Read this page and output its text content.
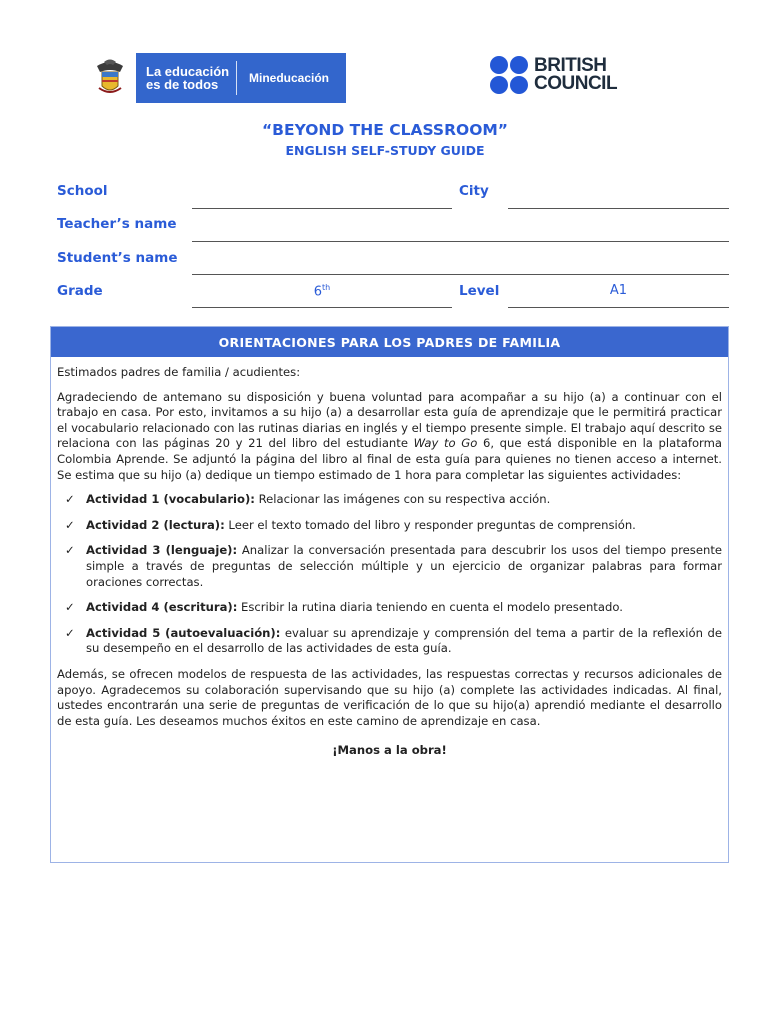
La educación
es de todos	Mineducación
BRITISH
COUNCIL
“BEYOND THE CLASSROOM”
ENGLISH SELF-STUDY GUIDE
School	City
Teacher’s name
Student’s name
Grade	6th	Level	A1
ORIENTACIONES PARA LOS PADRES DE FAMILIA

Estimados padres de familia / acudientes:

Agradeciendo de antemano su disposición y buena voluntad para acompañar a su hijo (a) a continuar con el trabajo en casa. Por esto, invitamos a su hijo (a) a desarrollar esta guía de aprendizaje que le permitirá practicar el vocabulario relacionado con las rutinas diarias en inglés y el tiempo presente simple. El trabajo aquí descrito se relaciona con las páginas 20 y 21 del libro del estudiante Way to Go 6, que está disponible en la plataforma Colombia Aprende. Se adjuntó la página del libro al final de esta guía para quienes no tienen acceso a internet. Se estima que su hijo (a) dedique un tiempo estimado de 1 hora para completar las siguientes actividades:

✓ Actividad 1 (vocabulario): Relacionar las imágenes con su respectiva acción.
✓ Actividad 2 (lectura): Leer el texto tomado del libro y responder preguntas de comprensión.
✓ Actividad 3 (lenguaje): Analizar la conversación presentada para descubrir los usos del tiempo presente simple a través de preguntas de selección múltiple y un ejercicio de organizar palabras para formar oraciones correctas.
✓ Actividad 4 (escritura): Escribir la rutina diaria teniendo en cuenta el modelo presentado.
✓ Actividad 5 (autoevaluación): evaluar su aprendizaje y comprensión del tema a partir de la reflexión de su desempeño en el desarrollo de las actividades de esta guía.

Además, se ofrecen modelos de respuesta de las actividades, las respuestas correctas y recursos adicionales de apoyo. Agradecemos su colaboración supervisando que su hijo (a) complete las actividades indicadas. Al final, ustedes encontrarán una serie de preguntas de verificación de lo que su hijo(a) aprendió mediante el desarrollo de esta guía. Les deseamos muchos éxitos en este camino de aprendizaje en casa.

¡Manos a la obra!
